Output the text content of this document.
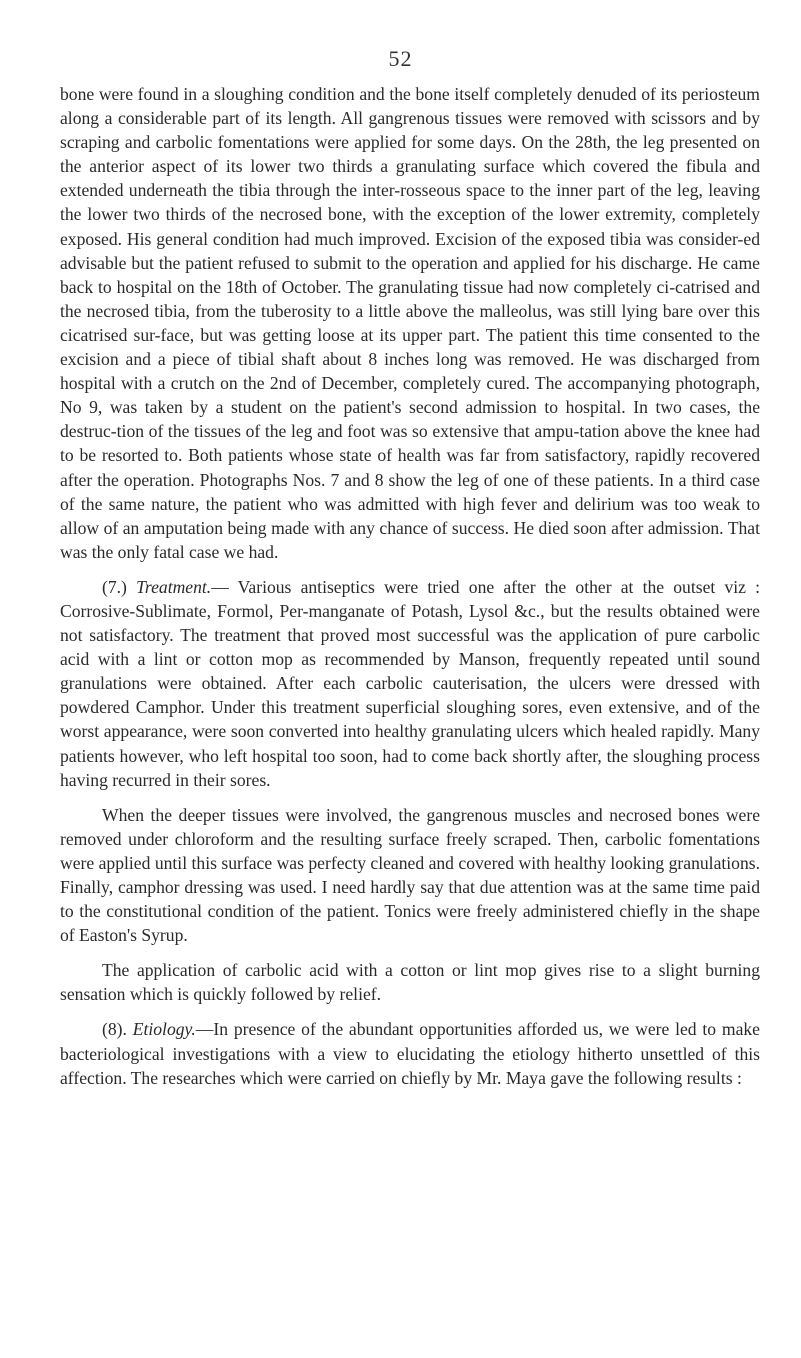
52

bone were found in a sloughing condition and the bone itself completely denuded of its periosteum along a considerable part of its length. All gangrenous tissues were removed with scissors and by scraping and carbolic fomentations were applied for some days. On the 28th, the leg presented on the anterior aspect of its lower two thirds a granulating surface which covered the fibula and extended underneath the tibia through the inter-rosseous space to the inner part of the leg, leaving the lower two thirds of the necrosed bone, with the exception of the lower extremity, completely exposed. His general condition had much improved. Excision of the exposed tibia was consider-ed advisable but the patient refused to submit to the operation and applied for his discharge. He came back to hospital on the 18th of October. The granulating tissue had now completely ci-catrised and the necrosed tibia, from the tuberosity to a little above the malleolus, was still lying bare over this cicatrised sur-face, but was getting loose at its upper part. The patient this time consented to the excision and a piece of tibial shaft about 8 inches long was removed. He was discharged from hospital with a crutch on the 2nd of December, completely cured. The accompanying photograph, No 9, was taken by a student on the patient's second admission to hospital. In two cases, the destruc-tion of the tissues of the leg and foot was so extensive that ampu-tation above the knee had to be resorted to. Both patients whose state of health was far from satisfactory, rapidly recovered after the operation. Photographs Nos. 7 and 8 show the leg of one of these patients. In a third case of the same nature, the patient who was admitted with high fever and delirium was too weak to allow of an amputation being made with any chance of success. He died soon after admission. That was the only fatal case we had.

(7.) Treatment.— Various antiseptics were tried one after the other at the outset viz : Corrosive-Sublimate, Formol, Per-manganate of Potash, Lysol &c., but the results obtained were not satisfactory. The treatment that proved most successful was the application of pure carbolic acid with a lint or cotton mop as recommended by Manson, frequently repeated until sound granulations were obtained. After each carbolic cauterisation, the ulcers were dressed with powdered Camphor. Under this treatment superficial sloughing sores, even extensive, and of the worst appearance, were soon converted into healthy granulating ulcers which healed rapidly. Many patients however, who left hospital too soon, had to come back shortly after, the sloughing process having recurred in their sores.

When the deeper tissues were involved, the gangrenous muscles and necrosed bones were removed under chloroform and the resulting surface freely scraped. Then, carbolic fomentations were applied until this surface was perfecty cleaned and covered with healthy looking granulations. Finally, camphor dressing was used. I need hardly say that due attention was at the same time paid to the constitutional condition of the patient. Tonics were freely administered chiefly in the shape of Easton's Syrup.

The application of carbolic acid with a cotton or lint mop gives rise to a slight burning sensation which is quickly followed by relief.

(8). Etiology.—In presence of the abundant opportunities afforded us, we were led to make bacteriological investigations with a view to elucidating the etiology hitherto unsettled of this affection. The researches which were carried on chiefly by Mr. Maya gave the following results :
